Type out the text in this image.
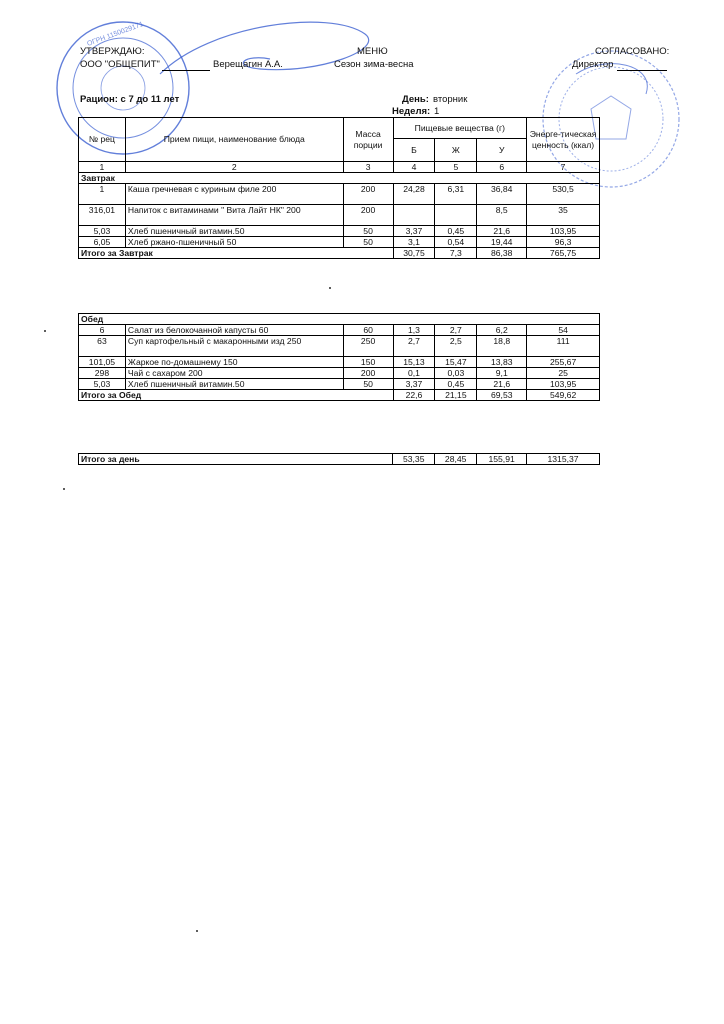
ОГРН 1150029171
УТВЕРЖДАЮ:
ООО "ОБЩЕПИТ"	Верещагин А.А.
МЕНЮ
Сезон зима-весна
СОГЛАСОВАНО:
Директор
Рацион: с 7 до 11 лет	День: вторник
Неделя: 1
№ рец	Прием пищи, наименование блюда	Масса порции	Пищевые вещества (г)			Энерге-тическая ценность (ккал)
			Б	Ж	У	
1	2	3	4	5	6	7
Завтрак						
1	Каша гречневая с куриным филе 200	200	24,28	6,31	36,84	530,5
316,01	Напиток с витаминами " Вита Лайт НК" 200	200			8,5	35
5,03	Хлеб пшеничный витамин.50	50	3,37	0,45	21,6	103,95
6,05	Хлеб ржано-пшеничный 50	50	3,1	0,54	19,44	96,3
Итого за Завтрак			30,75	7,3	86,38	765,75
Обед						
6	Салат из белокочанной капусты 60	60	1,3	2,7	6,2	54
63	Суп картофельный с макаронными изд 250	250	2,7	2,5	18,8	111
101,05	Жаркое по-домашнему 150	150	15,13	15,47	13,83	255,67
298	Чай с сахаром 200	200	0,1	0,03	9,1	25
5,03	Хлеб пшеничный витамин.50	50	3,37	0,45	21,6	103,95
Итого за Обед			22,6	21,15	69,53	549,62
Итого за день	53,35	28,45	155,91	1315,37
